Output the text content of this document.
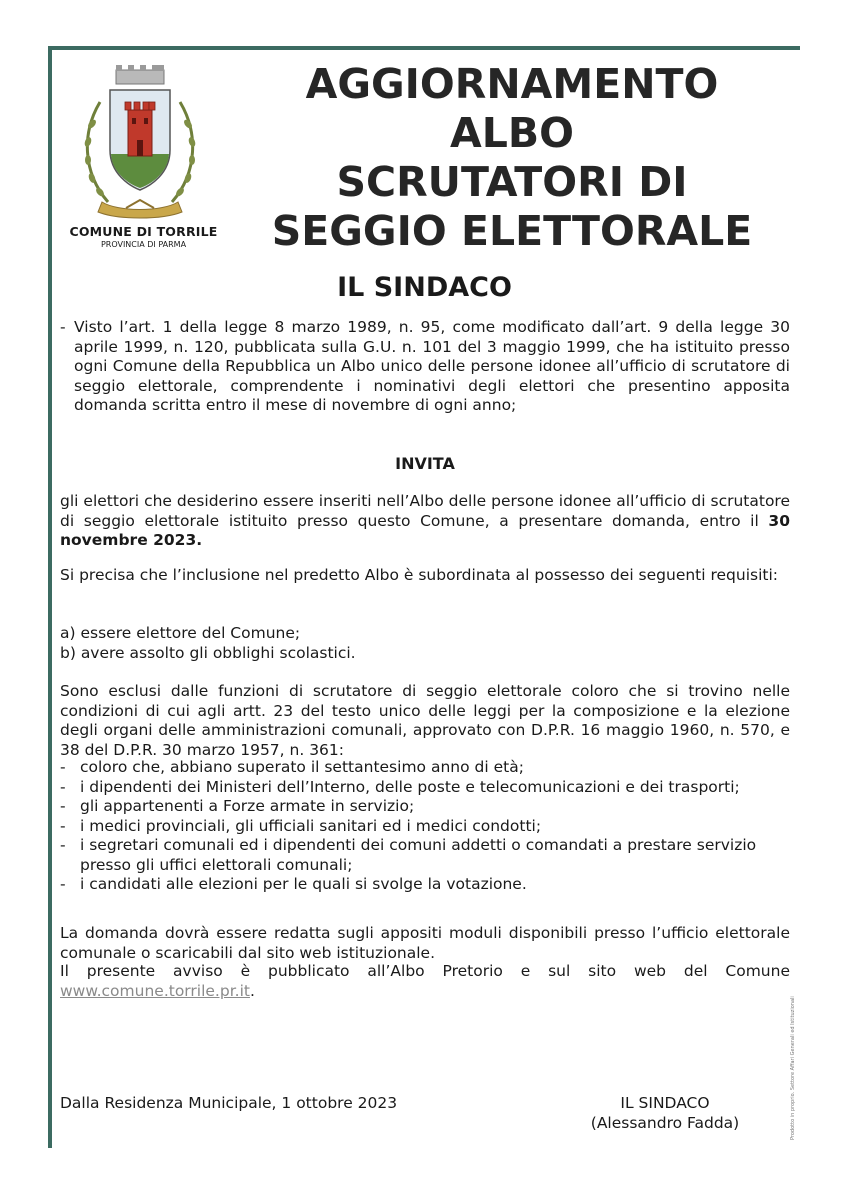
COMUNE DI TORRILE
PROVINCIA DI PARMA
AGGIORNAMENTO
ALBO
SCRUTATORI DI
SEGGIO ELETTORALE
IL SINDACO
- Visto l’art. 1 della legge 8 marzo 1989, n. 95, come modificato dall’art. 9 della legge 30 aprile 1999, n. 120, pubblicata sulla G.U. n. 101 del 3 maggio 1999, che ha istituito presso ogni Comune della Repubblica un Albo unico delle persone idonee all’ufficio di scrutatore di seggio elettorale, comprendente i nominativi degli elettori che presentino apposita domanda scritta entro il mese di novembre di ogni anno;
INVITA

gli elettori che desiderino essere inseriti nell’Albo delle persone idonee all’ufficio di scrutatore di seggio elettorale istituito presso questo Comune, a presentare domanda, entro il 30 novembre 2023.

Si precisa che l’inclusione nel predetto Albo è subordinata al possesso dei seguenti requisiti:

a) essere elettore del Comune;
b) avere assolto gli obblighi scolastici.

Sono esclusi dalle funzioni di scrutatore di seggio elettorale coloro che si trovino nelle condizioni di cui agli artt. 23 del testo unico delle leggi per la composizione e la elezione degli organi delle amministrazioni comunali, approvato con D.P.R. 16 maggio 1960, n. 570, e 38 del D.P.R. 30 marzo 1957, n. 361:

- coloro che, abbiano superato il settantesimo anno di età;
- i dipendenti dei Ministeri dell’Interno, delle poste e telecomunicazioni e dei trasporti;
- gli appartenenti a Forze armate in servizio;
- i medici provinciali, gli ufficiali sanitari ed i medici condotti;
- i segretari comunali ed i dipendenti dei comuni addetti o comandati a prestare servizio presso gli uffici elettorali comunali;
- i candidati alle elezioni per le quali si svolge la votazione.

La domanda dovrà essere redatta sugli appositi moduli disponibili presso l’ufficio elettorale comunale o scaricabili dal sito web istituzionale.

Il presente avviso è pubblicato all’Albo Pretorio e sul sito web del Comune www.comune.torrile.pr.it.

Dalla Residenza Municipale, 1 ottobre 2023	IL SINDACO
(Alessandro Fadda)	Prodotto in proprio. Settore Affari Generali ed Istituzionali
